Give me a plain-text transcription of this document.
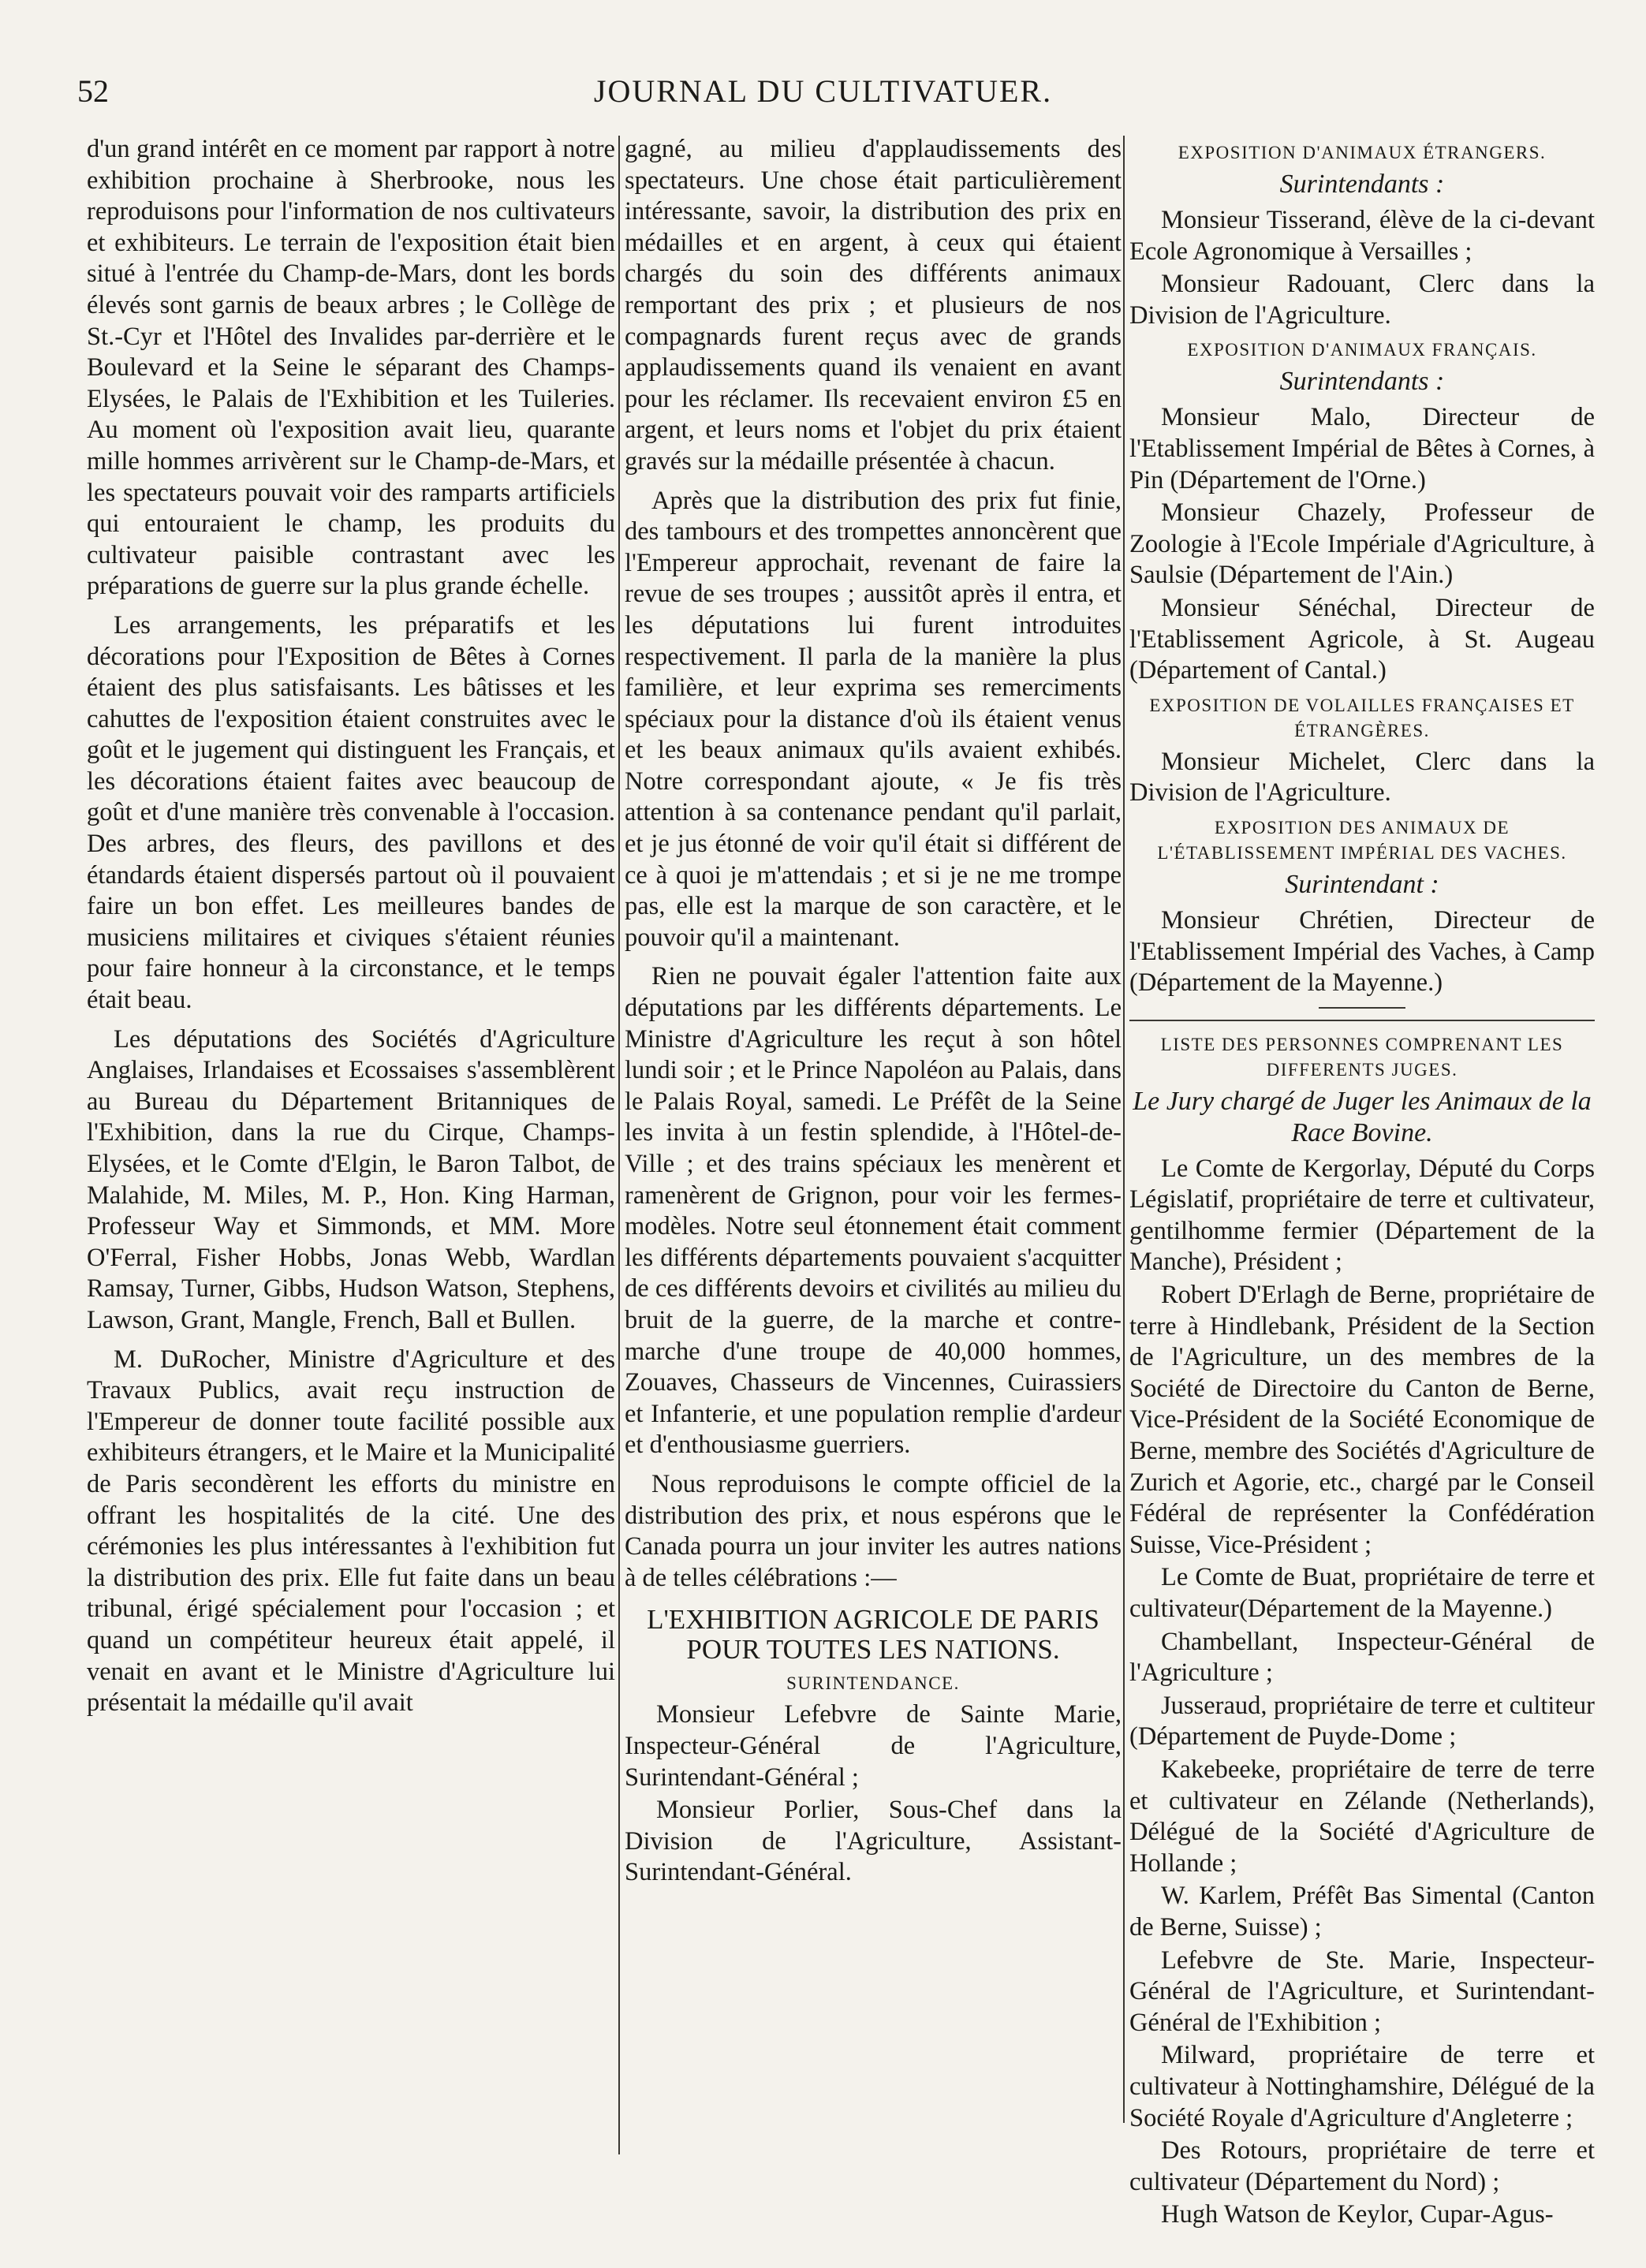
52	JOURNAL DU CULTIVATUER.

d'un grand intérêt en ce moment par rapport à notre exhibition prochaine à Sherbrooke, nous les reproduisons pour l'information de nos cultivateurs et exhibiteurs. Le terrain de l'exposition était bien situé à l'entrée du Champ-de-Mars, dont les bords élevés sont garnis de beaux arbres ; le Collège de St.-Cyr et l'Hôtel des Invalides par-derrière et le Boulevard et la Seine le séparant des Champs-Elysées, le Palais de l'Exhibition et les Tuileries. Au moment où l'exposition avait lieu, quarante mille hommes arrivèrent sur le Champ-de-Mars, et les spectateurs pouvait voir des ramparts artificiels qui entouraient le champ, les produits du cultivateur paisible contrastant avec les préparations de guerre sur la plus grande échelle.

Les arrangements, les préparatifs et les décorations pour l'Exposition de Bêtes à Cornes étaient des plus satisfaisants. Les bâtisses et les cahuttes de l'exposition étaient construites avec le goût et le jugement qui distinguent les Français, et les décorations étaient faites avec beaucoup de goût et d'une manière très convenable à l'occasion. Des arbres, des fleurs, des pavillons et des étandards étaient dispersés partout où il pouvaient faire un bon effet. Les meilleures bandes de musiciens militaires et civiques s'étaient réunies pour faire honneur à la circonstance, et le temps était beau.

Les députations des Sociétés d'Agriculture Anglaises, Irlandaises et Ecossaises s'assemblèrent au Bureau du Département Britanniques de l'Exhibition, dans la rue du Cirque, Champs-Elysées, et le Comte d'Elgin, le Baron Talbot, de Malahide, M. Miles, M. P., Hon. King Harman, Professeur Way et Simmonds, et MM. More O'Ferral, Fisher Hobbs, Jonas Webb, Wardlan Ramsay, Turner, Gibbs, Hudson Watson, Stephens, Lawson, Grant, Mangle, French, Ball et Bullen.

M. DuRocher, Ministre d'Agriculture et des Travaux Publics, avait reçu instruction de l'Empereur de donner toute facilité possible aux exhibiteurs étrangers, et le Maire et la Municipalité de Paris secondèrent les efforts du ministre en offrant les hospitalités de la cité. Une des cérémonies les plus intéressantes à l'exhibition fut la distribution des prix. Elle fut faite dans un beau tribunal, érigé spécialement pour l'occasion ; et quand un compétiteur heureux était appelé, il venait en avant et le Ministre d'Agriculture lui présentait la médaille qu'il avait

gagné, au milieu d'applaudissements des spectateurs. Une chose était particulièrement intéressante, savoir, la distribution des prix en médailles et en argent, à ceux qui étaient chargés du soin des différents animaux remportant des prix ; et plusieurs de nos compagnards furent reçus avec de grands applaudissements quand ils venaient en avant pour les réclamer. Ils recevaient environ £5 en argent, et leurs noms et l'objet du prix étaient gravés sur la médaille présentée à chacun.

Après que la distribution des prix fut finie, des tambours et des trompettes annoncèrent que l'Empereur approchait, revenant de faire la revue de ses troupes ; aussitôt après il entra, et les députations lui furent introduites respectivement. Il parla de la manière la plus familière, et leur exprima ses remerciments spéciaux pour la distance d'où ils étaient venus et les beaux animaux qu'ils avaient exhibés. Notre correspondant ajoute, « Je fis très attention à sa contenance pendant qu'il parlait, et je jus étonné de voir qu'il était si différent de ce à quoi je m'attendais ; et si je ne me trompe pas, elle est la marque de son caractère, et le pouvoir qu'il a maintenant.

Rien ne pouvait égaler l'attention faite aux députations par les différents départements. Le Ministre d'Agriculture les reçut à son hôtel lundi soir ; et le Prince Napoléon au Palais, dans le Palais Royal, samedi. Le Préfêt de la Seine les invita à un festin splendide, à l'Hôtel-de-Ville ; et des trains spéciaux les menèrent et ramenèrent de Grignon, pour voir les fermes-modèles. Notre seul étonnement était comment les différents départements pouvaient s'acquitter de ces différents devoirs et civilités au milieu du bruit de la guerre, de la marche et contre-marche d'une troupe de 40,000 hommes, Zouaves, Chasseurs de Vincennes, Cuirassiers et Infanterie, et une population remplie d'ardeur et d'enthousiasme guerriers.

Nous reproduisons le compte officiel de la distribution des prix, et nous espérons que le Canada pourra un jour inviter les autres nations à de telles célébrations :—

L'EXHIBITION AGRICOLE DE PARIS POUR TOUTES LES NATIONS.
SURINTENDANCE.

Monsieur Lefebvre de Sainte Marie, Inspecteur-Général de l'Agriculture, Surintendant-Général ;

Monsieur Porlier, Sous-Chef dans la Division de l'Agriculture, Assistant-Surintendant-Général.

EXPOSITION D'ANIMAUX ÉTRANGERS.
Surintendants :

Monsieur Tisserand, élève de la ci-devant Ecole Agronomique à Versailles ;

Monsieur Radouant, Clerc dans la Division de l'Agriculture.

EXPOSITION D'ANIMAUX FRANÇAIS.
Surintendants :

Monsieur Malo, Directeur de l'Etablissement Impérial de Bêtes à Cornes, à Pin (Département de l'Orne.)

Monsieur Chazely, Professeur de Zoologie à l'Ecole Impériale d'Agriculture, à Saulsie (Département de l'Ain.)

Monsieur Sénéchal, Directeur de l'Etablissement Agricole, à St. Augeau (Département of Cantal.)

EXPOSITION DE VOLAILLES FRANÇAISES ET ÉTRANGÈRES.

Monsieur Michelet, Clerc dans la Division de l'Agriculture.

EXPOSITION DES ANIMAUX DE L'ÉTABLISSEMENT IMPÉRIAL DES VACHES.
Surintendant :

Monsieur Chrétien, Directeur de l'Etablissement Impérial des Vaches, à Camp (Département de la Mayenne.)

LISTE DES PERSONNES COMPRENANT LES DIFFERENTS JUGES.
Le Jury chargé de Juger les Animaux de la Race Bovine.

Le Comte de Kergorlay, Député du Corps Législatif, propriétaire de terre et cultivateur, gentilhomme fermier (Département de la Manche), Président ;

Robert D'Erlagh de Berne, propriétaire de terre à Hindlebank, Président de la Section de l'Agriculture, un des membres de la Société de Directoire du Canton de Berne, Vice-Président de la Société Economique de Berne, membre des Sociétés d'Agriculture de Zurich et Agorie, etc., chargé par le Conseil Fédéral de représenter la Confédération Suisse, Vice-Président ;

Le Comte de Buat, propriétaire de terre et cultivateur(Département de la Mayenne.)

Chambellant, Inspecteur-Général de l'Agriculture ;

Jusseraud, propriétaire de terre et cultiteur (Département de Puyde-Dome ;

Kakebeeke, propriétaire de terre de terre et cultivateur en Zélande (Netherlands), Délégué de la Société d'Agriculture de Hollande ;

W. Karlem, Préfêt Bas Simental (Canton de Berne, Suisse) ;

Lefebvre de Ste. Marie, Inspecteur-Général de l'Agriculture, et Surintendant-Général de l'Exhibition ;

Milward, propriétaire de terre et cultivateur à Nottinghamshire, Délégué de la Société Royale d'Agriculture d'Angleterre ;

Des Rotours, propriétaire de terre et cultivateur (Département du Nord) ;

Hugh Watson de Keylor, Cupar-Agus-
